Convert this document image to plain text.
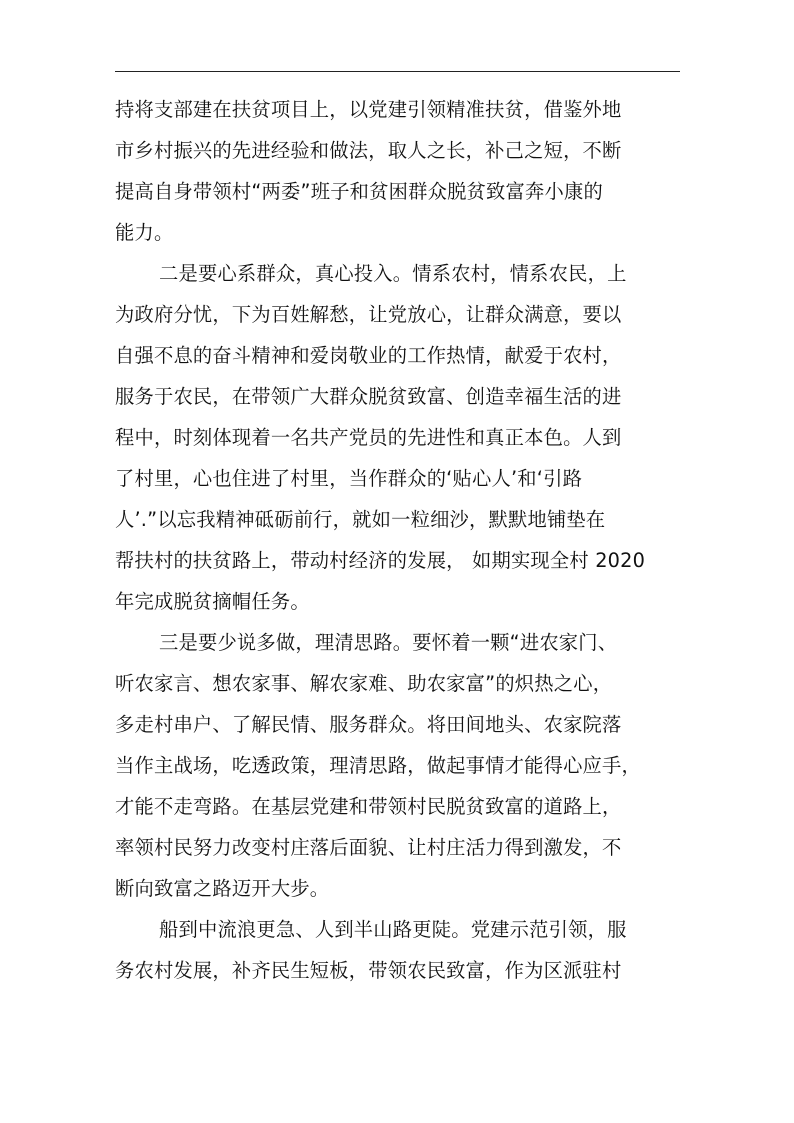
持将支部建在扶贫项目上，以党建引领精准扶贫，借鉴外地
市乡村振兴的先进经验和做法，取人之长，补己之短，不断
提高自身带领村“两委”班子和贫困群众脱贫致富奔小康的
能力。
二是要心系群众，真心投入。情系农村，情系农民，上
为政府分忧，下为百姓解愁，让党放心，让群众满意，要以
自强不息的奋斗精神和爱岗敬业的工作热情，献爱于农村，
服务于农民，在带领广大群众脱贫致富、创造幸福生活的进
程中，时刻体现着一名共产党员的先进性和真正本色。人到
了村里，心也住进了村里，当作群众的‘贴心人’和‘引路
人’.”以忘我精神砥砺前行，就如一粒细沙，默默地铺垫在
帮扶村的扶贫路上，带动村经济的发展， 如期实现全村 2020
年完成脱贫摘帽任务。
三是要少说多做，理清思路。要怀着一颗“进农家门、
听农家言、想农家事、解农家难、助农家富”的炽热之心，
多走村串户、了解民情、服务群众。将田间地头、农家院落
当作主战场，吃透政策，理清思路，做起事情才能得心应手，
才能不走弯路。在基层党建和带领村民脱贫致富的道路上，
率领村民努力改变村庄落后面貌、让村庄活力得到激发，不
断向致富之路迈开大步。
船到中流浪更急、人到半山路更陡。党建示范引领，服
务农村发展，补齐民生短板，带领农民致富，作为区派驻村
